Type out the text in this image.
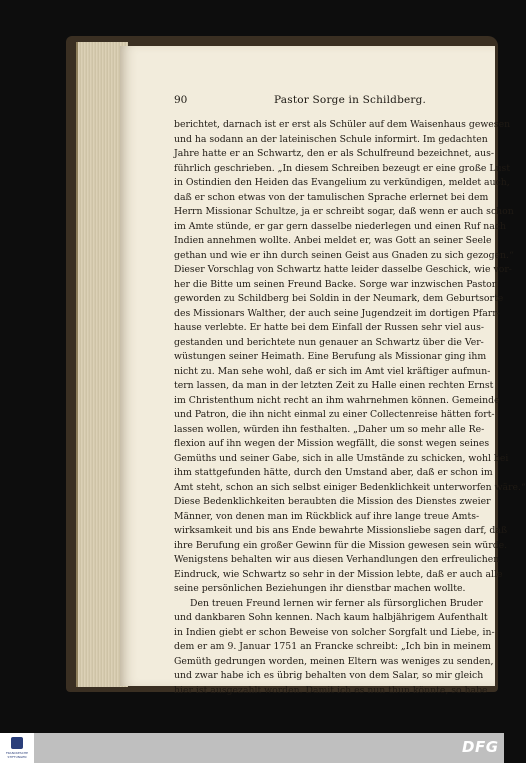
90	Pastor Sorge in Schildberg.
berichtet, darnach ist er erst als Schüler auf dem Waisenhaus gewesen
und ha sodann an der lateinischen Schule informirt. Im gedachten
Jahre hatte er an Schwartz, den er als Schulfreund bezeichnet, aus-
führlich geschrieben. „In diesem Schreiben bezeugt er eine große Lust
in Ostindien den Heiden das Evangelium zu verkündigen, meldet auch,
daß er schon etwas von der tamulischen Sprache erlernet bei dem
Herrn Missionar Schultze, ja er schreibt sogar, daß wenn er auch schon
im Amte stünde, er gar gern dasselbe niederlegen und einen Ruf nach
Indien annehmen wollte. Anbei meldet er, was Gott an seiner Seele
gethan und wie er ihn durch seinen Geist aus Gnaden zu sich gezogen.“
Dieser Vorschlag von Schwartz hatte leider dasselbe Geschick, wie vor-
her die Bitte um seinen Freund Backe. Sorge war inzwischen Pastor
geworden zu Schildberg bei Soldin in der Neumark, dem Geburtsorte
des Missionars Walther, der auch seine Jugendzeit im dortigen Pfarr-
hause verlebte. Er hatte bei dem Einfall der Russen sehr viel aus-
gestanden und berichtete nun genauer an Schwartz über die Ver-
wüstungen seiner Heimath. Eine Berufung als Missionar ging ihm
nicht zu. Man sehe wohl, daß er sich im Amt viel kräftiger aufmun-
tern lassen, da man in der letzten Zeit zu Halle einen rechten Ernst
im Christenthum nicht recht an ihm wahrnehmen können. Gemeinde
und Patron, die ihn nicht einmal zu einer Collectenreise hätten fort-
lassen wollen, würden ihn festhalten. „Daher um so mehr alle Re-
flexion auf ihn wegen der Mission wegfällt, die sonst wegen seines
Gemüths und seiner Gabe, sich in alle Umstände zu schicken, wohl bei
ihm stattgefunden hätte, durch den Umstand aber, daß er schon im
Amt steht, schon an sich selbst einiger Bedenklichkeit unterworfen wäre.“
Diese Bedenklichkeiten beraubten die Mission des Dienstes zweier
Männer, von denen man im Rückblick auf ihre lange treue Amts-
wirksamkeit und bis ans Ende bewahrte Missionsliebe sagen darf, daß
ihre Berufung ein großer Gewinn für die Mission gewesen sein würde.
Wenigstens behalten wir aus diesen Verhandlungen den erfreulichen
Eindruck, wie Schwartz so sehr in der Mission lebte, daß er auch alle
seine persönlichen Beziehungen ihr dienstbar machen wollte.
Den treuen Freund lernen wir ferner als fürsorglichen Bruder
und dankbaren Sohn kennen. Nach kaum halbjährigem Aufenthalt
in Indien giebt er schon Beweise von solcher Sorgfalt und Liebe, in-
dem er am 9. Januar 1751 an Francke schreibt: „Ich bin in meinem
Gemüth gedrungen worden, meinen Eltern was weniges zu senden,
und zwar habe ich es übrig behalten von dem Salar, so mir gleich
hier ist ausgezahlt worden. Damit ich es nun thun könnte, so habe
FRANCKESCHE STIFTUNGEN
DFG
